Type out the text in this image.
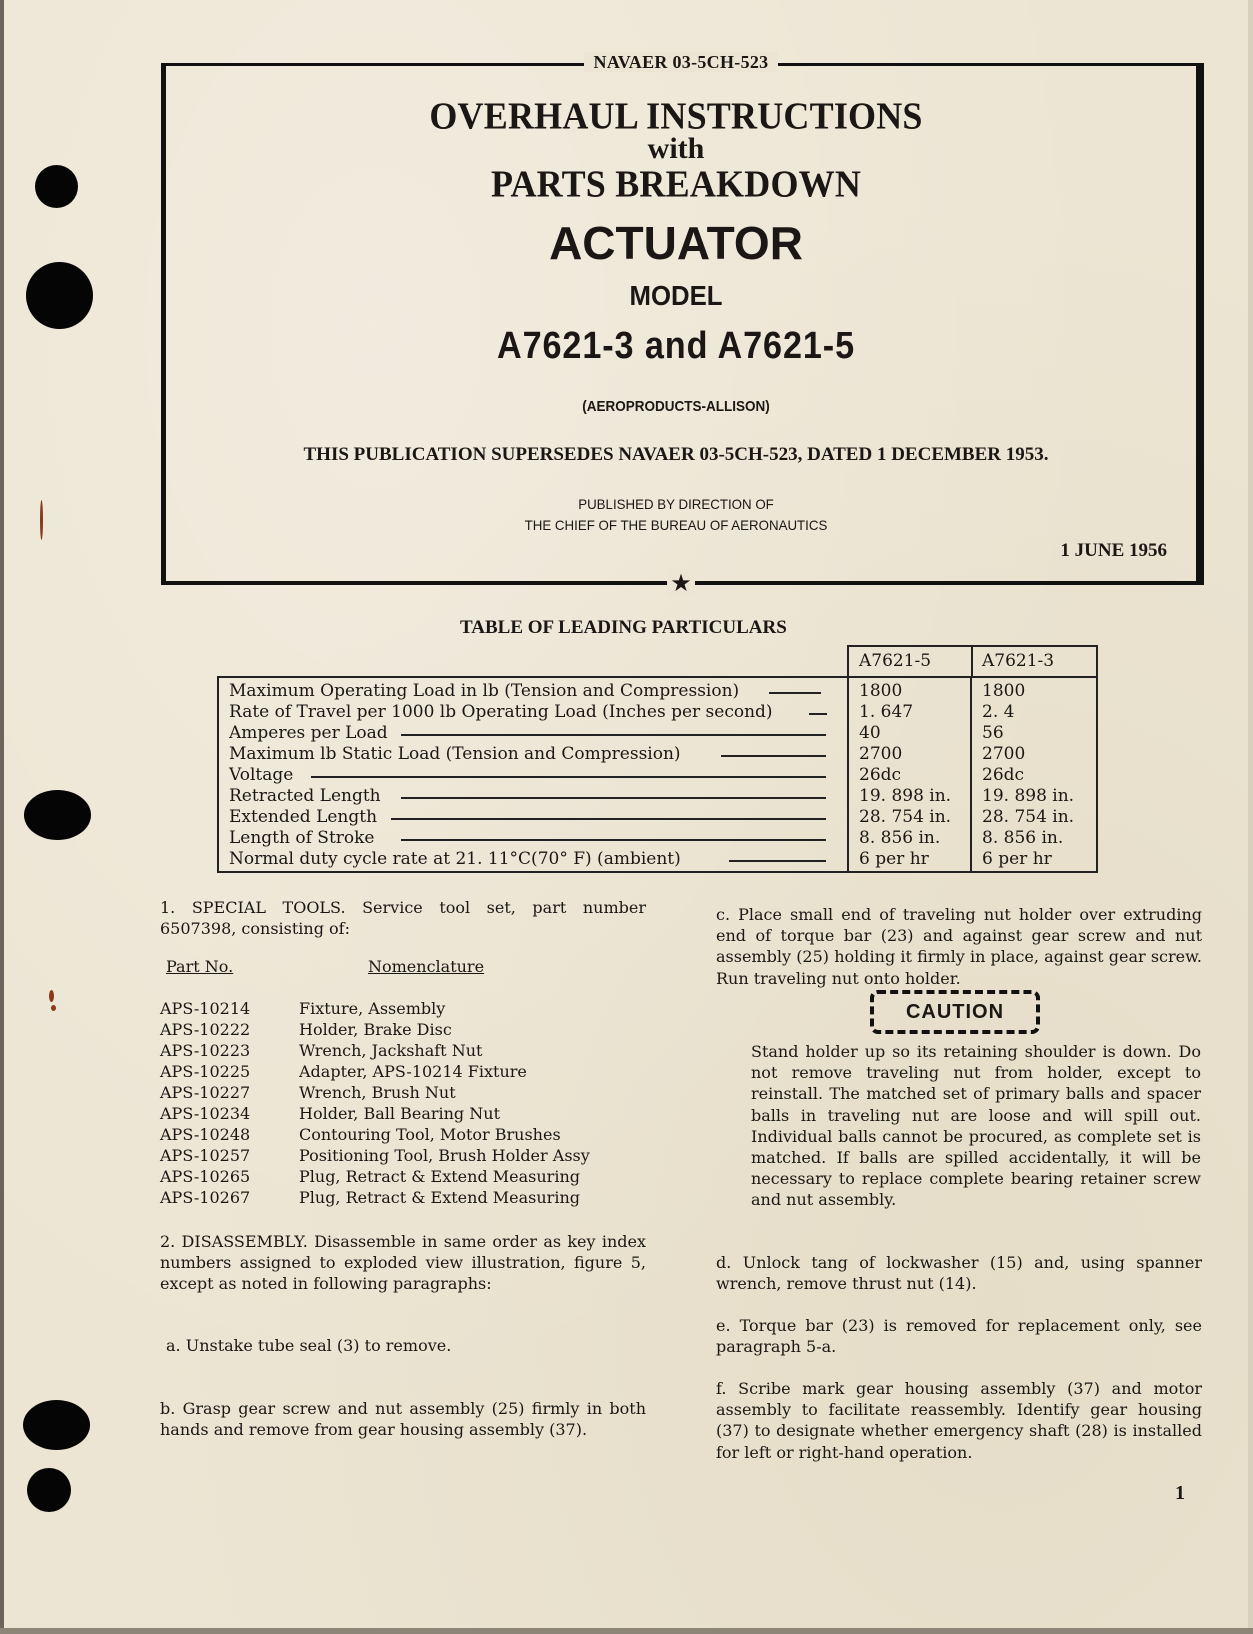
NAVAER 03-5CH-523
★
OVERHAUL INSTRUCTIONS
with
PARTS BREAKDOWN
ACTUATOR
MODEL
A7621-3 and A7621-5
(AEROPRODUCTS-ALLISON)
THIS PUBLICATION SUPERSEDES NAVAER 03-5CH-523, DATED 1 DECEMBER 1953.
PUBLISHED BY DIRECTION OF
THE CHIEF OF THE BUREAU OF AERONAUTICS
1 JUNE 1956
TABLE OF LEADING PARTICULARS
A7621-5	A7621-3
Maximum Operating Load in lb (Tension and Compression)	1800	1800
Rate of Travel per 1000 lb Operating Load (Inches per second)	1. 647	2. 4
Amperes per Load	40	56
Maximum lb Static Load (Tension and Compression)	2700	2700
Voltage	26dc	26dc
Retracted Length	19. 898 in. 19. 898 in.
Extended Length	28. 754 in. 28. 754 in.
Length of Stroke	8. 856 in. 8. 856 in.
Normal duty cycle rate at 21. 11°C(70° F) (ambient)	6 per hr	6 per hr

1. SPECIAL TOOLS. Service tool set, part number 6507398, consisting of:

Part No.	Nomenclature
APS-10214	Fixture, Assembly
APS-10222	Holder, Brake Disc
APS-10223	Wrench, Jackshaft Nut
APS-10225	Adapter, APS-10214 Fixture
APS-10227	Wrench, Brush Nut
APS-10234	Holder, Ball Bearing Nut
APS-10248	Contouring Tool, Motor Brushes
APS-10257	Positioning Tool, Brush Holder Assy
APS-10265	Plug, Retract & Extend Measuring
APS-10267	Plug, Retract & Extend Measuring

2. DISASSEMBLY. Disassemble in same order as key index numbers assigned to exploded view illustration, figure 5, except as noted in following paragraphs:

a. Unstake tube seal (3) to remove.

b. Grasp gear screw and nut assembly (25) firmly in both hands and remove from gear housing assembly (37).

c. Place small end of traveling nut holder over extruding end of torque bar (23) and against gear screw and nut assembly (25) holding it firmly in place, against gear screw. Run traveling nut onto holder.

CAUTION

Stand holder up so its retaining shoulder is down. Do not remove traveling nut from holder, except to reinstall. The matched set of primary balls and spacer balls in traveling nut are loose and will spill out. Individual balls cannot be procured, as complete set is matched. If balls are spilled accidentally, it will be necessary to replace complete bearing retainer screw and nut assembly.

d. Unlock tang of lockwasher (15) and, using spanner wrench, remove thrust nut (14).

e. Torque bar (23) is removed for replacement only, see paragraph 5-a.

f. Scribe mark gear housing assembly (37) and motor assembly to facilitate reassembly. Identify gear housing (37) to designate whether emergency shaft (28) is installed for left or right-hand operation.

1
